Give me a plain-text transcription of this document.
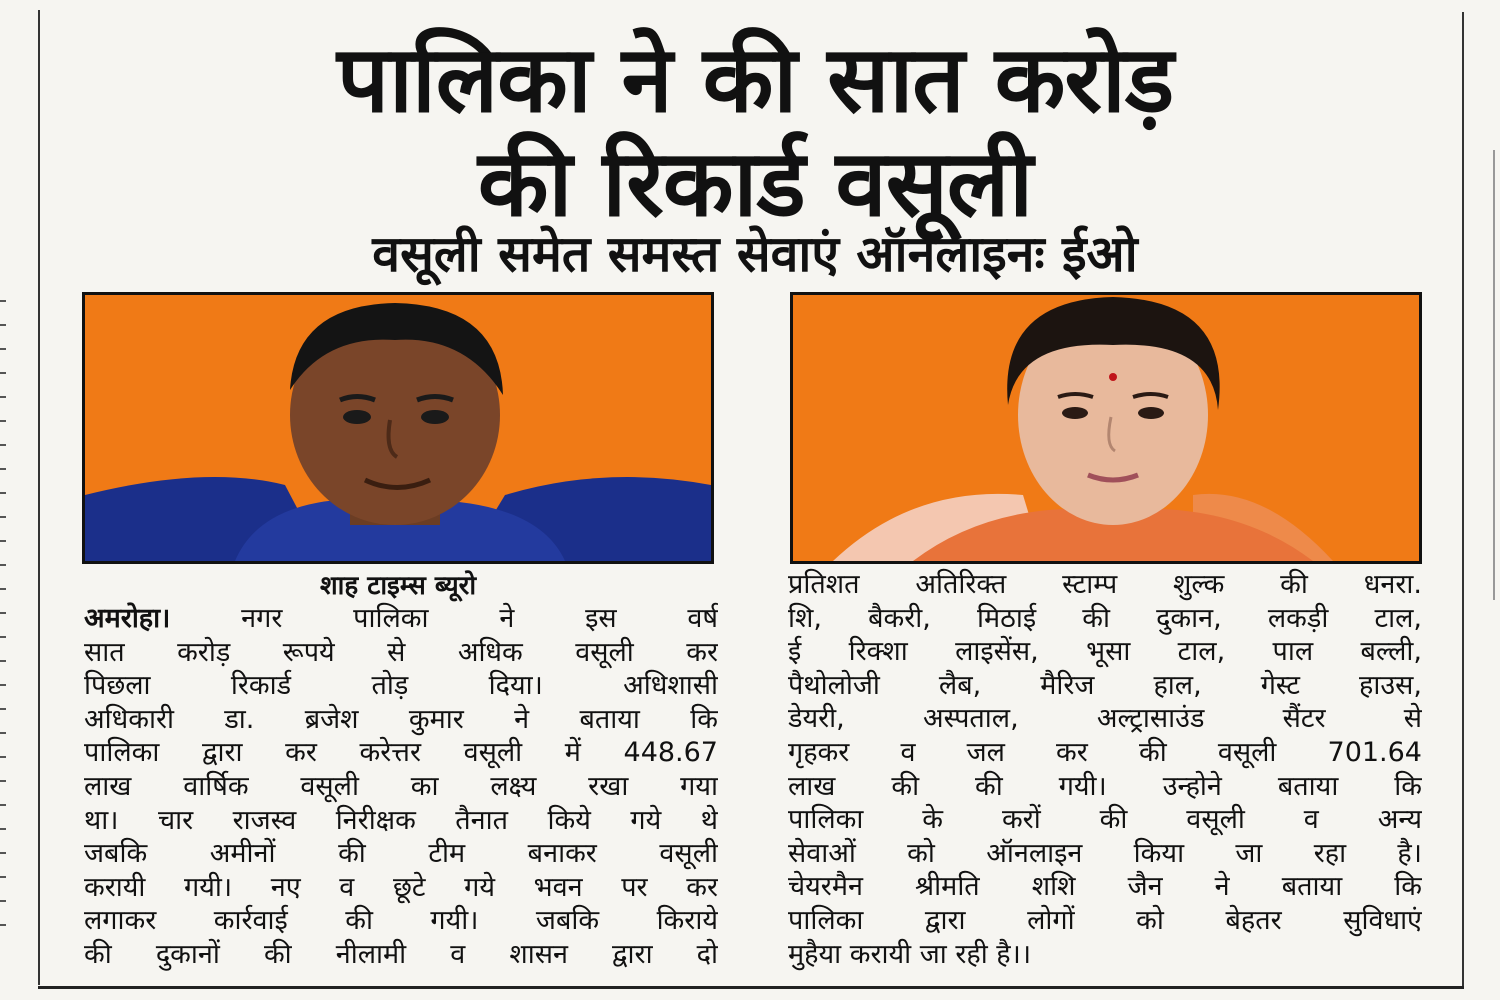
पालिका ने की सात करोड़
की रिकार्ड वसूली
वसूली समेत समस्त सेवाएं ऑनलाइनः ईओ
शाह टाइम्स ब्यूरो
अमरोहा।	नगर पालिका ने इस वर्ष
सात करोड़ रूपये से अधिक वसूली कर
पिछला रिकार्ड तोड़ दिया। अधिशासी
अधिकारी डा. ब्रजेश कुमार ने बताया कि
पालिका द्वारा कर करेत्तर वसूली में 448.67
लाख वार्षिक वसूली का लक्ष्य रखा गया
था। चार राजस्व निरीक्षक तैनात किये गये थे
जबकि अमीनों की टीम बनाकर वसूली
करायी गयी। नए व छूटे गये भवन पर कर
लगाकर कार्रवाई की गयी। जबकि किराये
की दुकानों की नीलामी व शासन द्वारा दो
प्रतिशत अतिरिक्त स्टाम्प शुल्क की धनरा.
शि, बैकरी, मिठाई की दुकान, लकड़ी टाल,
ई रिक्शा लाइसेंस, भूसा टाल, पाल बल्ली,
पैथोलोजी लैब, मैरिज हाल, गेस्ट हाउस,
डेयरी, अस्पताल, अल्ट्रासाउंड सैंटर से
गृहकर व जल कर की वसूली 701.64
लाख की की गयी। उन्होने बताया कि
पालिका के करों की वसूली व अन्य
सेवाओं को ऑनलाइन किया जा रहा है।
चेयरमैन श्रीमति शशि जैन ने बताया कि
पालिका द्वारा लोगों को बेहतर सुविधाएं
मुहैया करायी जा रही है।।
